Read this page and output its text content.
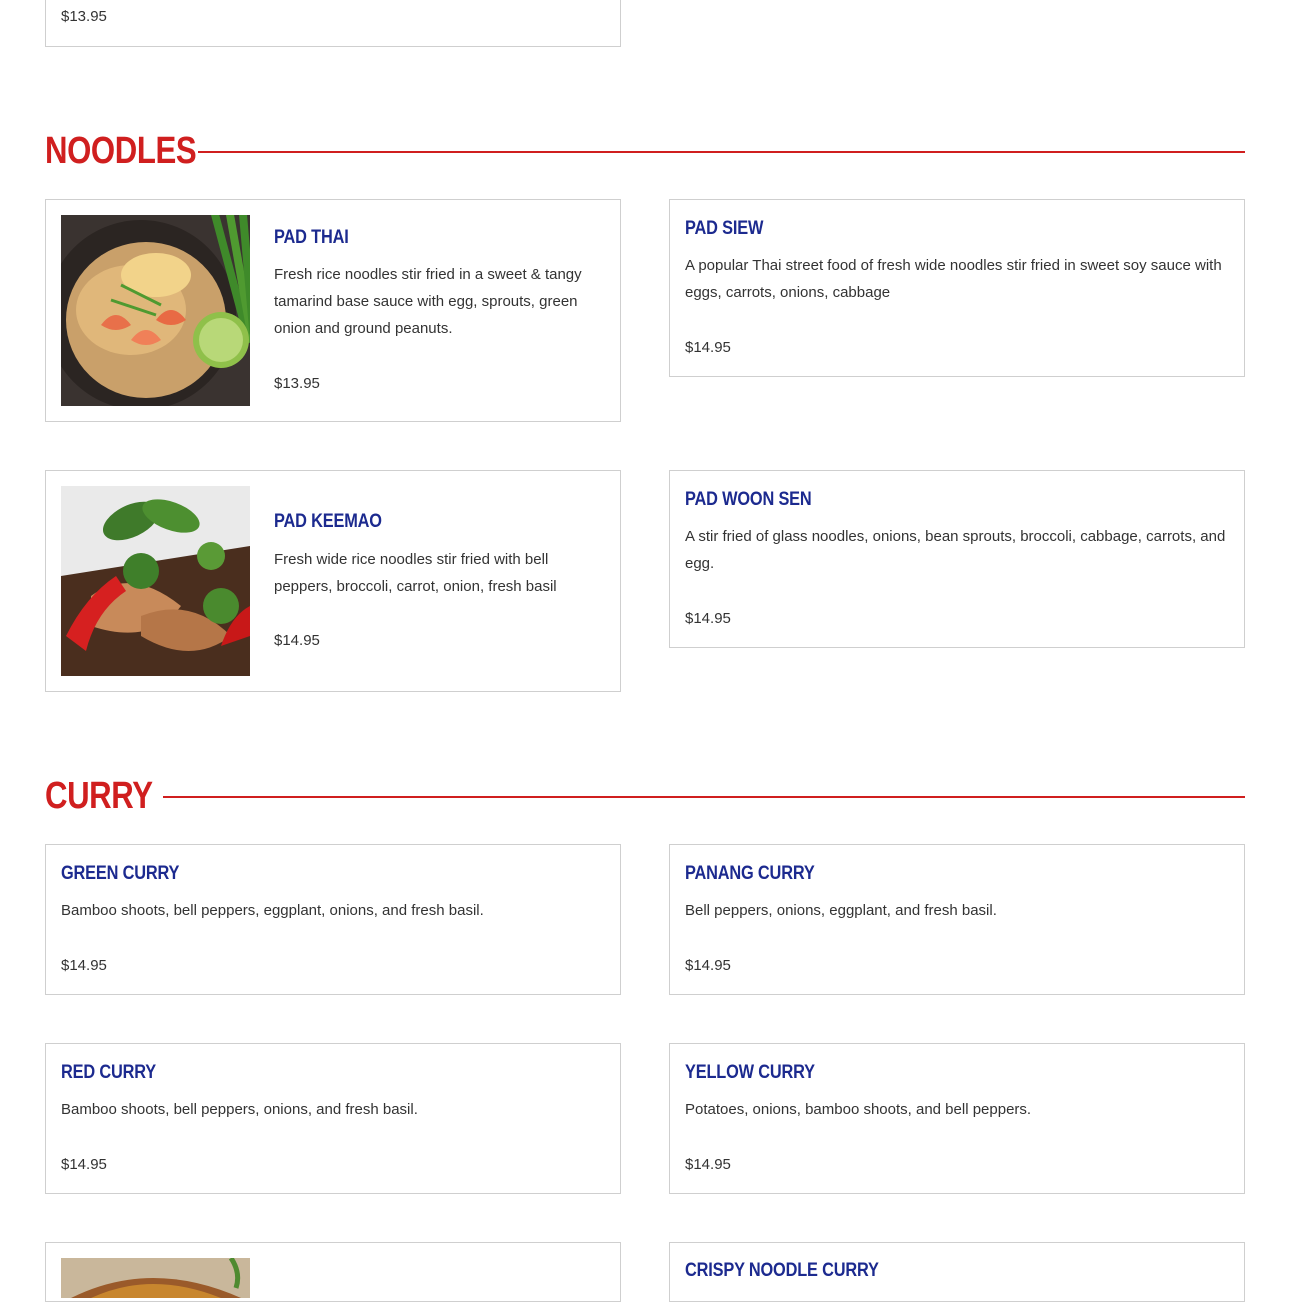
$13.95
NOODLES
PAD THAI
Fresh rice noodles stir fried in a sweet & tangy tamarind base sauce with egg, sprouts, green onion and ground peanuts.
$13.95
PAD SIEW
A popular Thai street food of fresh wide noodles stir fried in sweet soy sauce with eggs, carrots, onions, cabbage
$14.95
PAD KEEMAO
Fresh wide rice noodles stir fried with bell peppers, broccoli, carrot, onion, fresh basil
$14.95
PAD WOON SEN
A stir fried of glass noodles, onions, bean sprouts, broccoli, cabbage, carrots, and egg.
$14.95
CURRY
GREEN CURRY
Bamboo shoots, bell peppers, eggplant, onions, and fresh basil.
$14.95
PANANG CURRY
Bell peppers, onions, eggplant, and fresh basil.
$14.95
RED CURRY
Bamboo shoots, bell peppers, onions, and fresh basil.
$14.95
YELLOW CURRY
Potatoes, onions, bamboo shoots, and bell peppers.
$14.95
CRISPY NOODLE CURRY
